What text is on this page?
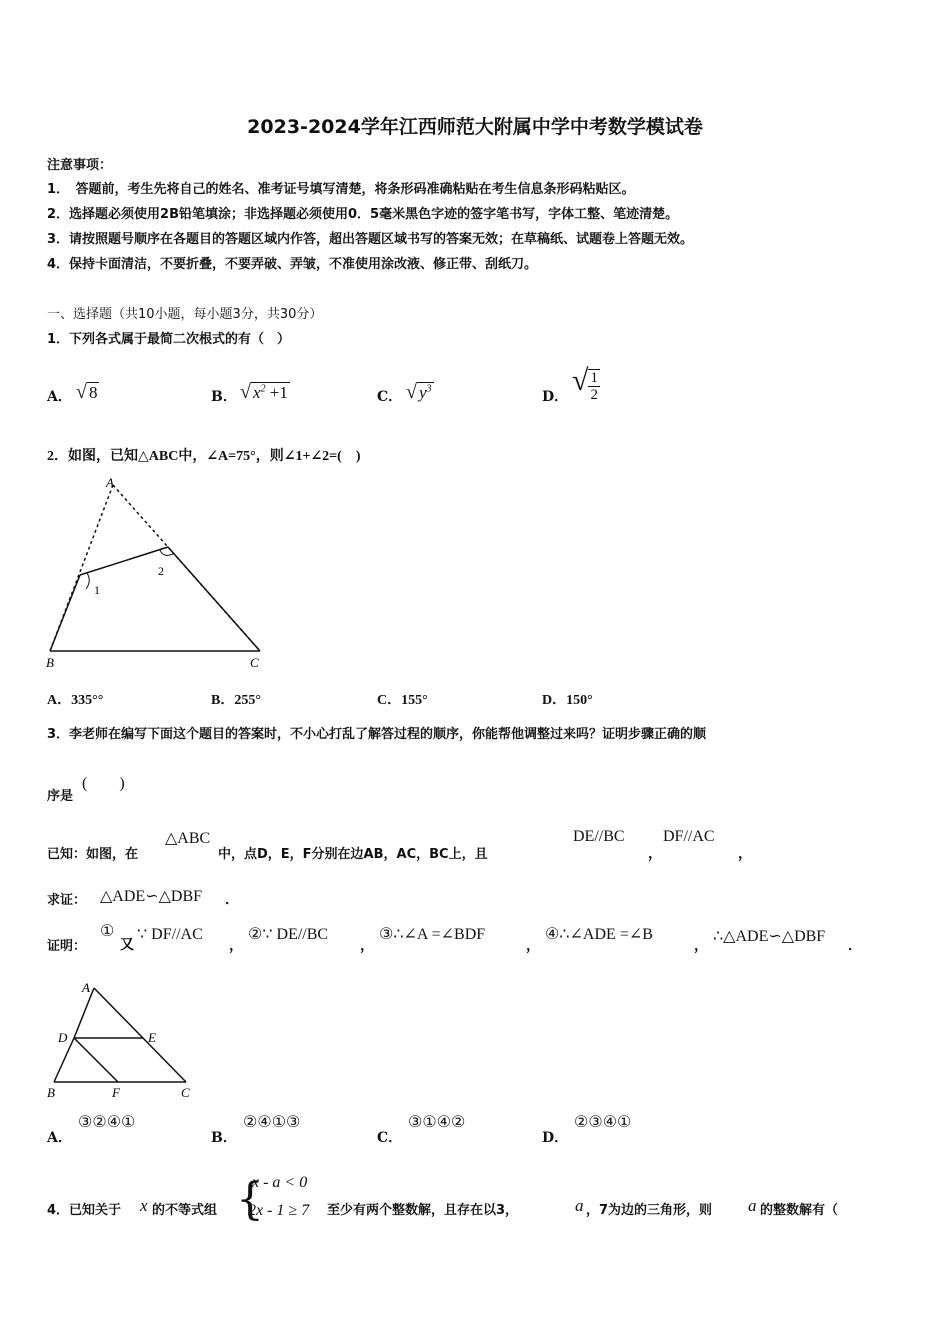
2023-2024学年江西师范大附属中学中考数学模试卷
注意事项：
1．　答题前，考生先将自己的姓名、准考证号填写清楚，将条形码准确粘贴在考生信息条形码粘贴区。
2．选择题必须使用2B铅笔填涂；非选择题必须使用0．5毫米黑色字迹的签字笔书写，字体工整、笔迹清楚。
3．请按照题号顺序在各题目的答题区域内作答，超出答题区域书写的答案无效；在草稿纸、试题卷上答题无效。
4．保持卡面清洁，不要折叠，不要弄破、弄皱，不准使用涂改液、修正带、刮纸刀。
一、选择题（共10小题，每小题3分，共30分）
1．下列各式属于最简二次根式的有（　）
A． √ 8	B． √ $x^2 +1$	C． √ $y^3$
D． √ $\frac{1}{2}$
2．如图，已知△ABC中，∠A=75°，则∠1+∠2=(　)
A
B	C
1
2
A．335°°	B．255°	C．155°	D．150°
3．李老师在编写下面这个题目的答案时，不小心打乱了解答过程的顺序，你能帮他调整过来吗？证明步骤正确的顺
序是
(　　)
已知：如图，在
△ABC
中，点D，E，F分别在边AB，AC，BC上，且
DE//BC
，
DF//AC
，
求证： △ADE∽△DBF ．
证明：
①
又
∵ DF//AC
，
②∵ DE//BC
，
③∴∠A =∠BDF
，
④∴∠ADE =∠B
，
∴△ADE∽△DBF
．
A
D	E
B	F	C
A．
③②④①
B．
②④①③
C．
③①④②
D．
②③④①
4．已知关于 x 的不等式组 {
x - a < 0
2x - 1 ≥ 7 至少有两个整数解，且存在以3，	a ，7为边的三角形，则 a 的整数解有（
